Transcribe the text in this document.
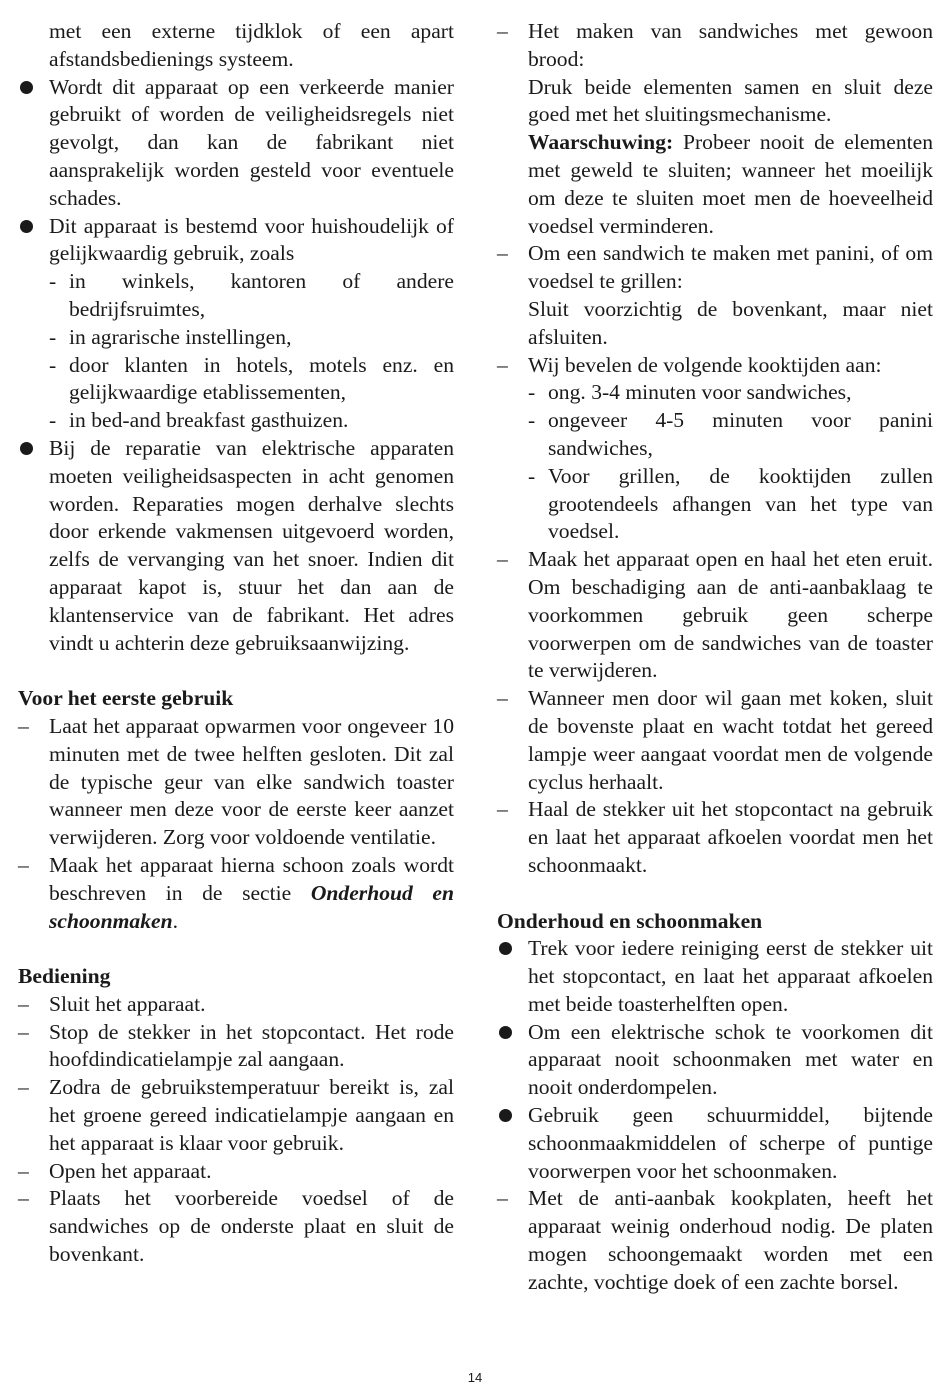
met een externe tijdklok of een apart afstandsbedienings systeem.

Wordt dit apparaat op een verkeerde manier gebruikt of worden de veiligheidsregels niet gevolgt, dan kan de fabrikant niet aansprakelijk worden gesteld voor eventuele schades.
Dit apparaat is bestemd voor huishoudelijk of gelijkwaardig gebruik, zoals
- in winkels, kantoren of andere bedrijfsruimtes,
- in agrarische instellingen,
- door klanten in hotels, motels enz. en gelijkwaardige etablissementen,
- in bed-and breakfast gasthuizen.
Bij de reparatie van elektrische apparaten moeten veiligheidsaspecten in acht genomen worden. Reparaties mogen derhalve slechts door erkende vakmensen uitgevoerd worden, zelfs de vervanging van het snoer. Indien dit apparaat kapot is, stuur het dan aan de klantenservice van de fabrikant. Het adres vindt u achterin deze gebruiksaanwijzing.

Voor het eerste gebruik

– Laat het apparaat opwarmen voor ongeveer 10 minuten met de twee helften gesloten. Dit zal de typische geur van elke sandwich toaster wanneer men deze voor de eerste keer aanzet verwijderen. Zorg voor voldoende ventilatie.
– Maak het apparaat hierna schoon zoals wordt beschreven in de sectie Onderhoud en schoonmaken.

Bediening

– Sluit het apparaat.
– Stop de stekker in het stopcontact. Het rode hoofdindicatielampje zal aangaan.
– Zodra de gebruikstemperatuur bereikt is, zal het groene gereed indicatielampje aangaan en het apparaat is klaar voor gebruik.
– Open het apparaat.
– Plaats het voorbereide voedsel of de sandwiches op de onderste plaat en sluit de bovenkant.
– Het maken van sandwiches met gewoon brood:

Druk beide elementen samen en sluit deze goed met het sluitingsmechanisme.

Waarschuwing: Probeer nooit de elementen met geweld te sluiten; wanneer het moeilijk om deze te sluiten moet men de hoeveelheid voedsel verminderen.

– Om een sandwich te maken met panini, of om voedsel te grillen:

Sluit voorzichtig de bovenkant, maar niet afsluiten.

– Wij bevelen de volgende kooktijden aan:
- ong. 3-4 minuten voor sandwiches,
- ongeveer 4-5 minuten voor panini sandwiches,
- Voor grillen, de kooktijden zullen grootendeels afhangen van het type van voedsel.
– Maak het apparaat open en haal het eten eruit. Om beschadiging aan de anti-aanbaklaag te voorkommen gebruik geen scherpe voorwerpen om de sandwiches van de toaster te verwijderen.
– Wanneer men door wil gaan met koken, sluit de bovenste plaat en wacht totdat het gereed lampje weer aangaat voordat men de volgende cyclus herhaalt.
– Haal de stekker uit het stopcontact na gebruik en laat het apparaat afkoelen voordat men het schoonmaakt.

Onderhoud en schoonmaken

Trek voor iedere reiniging eerst de stekker uit het stopcontact, en laat het apparaat afkoelen met beide toasterhelften open.
Om een elektrische schok te voorkomen dit apparaat nooit schoonmaken met water en nooit onderdompelen.
Gebruik geen schuurmiddel, bijtende schoonmaakmiddelen of scherpe of puntige voorwerpen voor het schoonmaken.
– Met de anti-aanbak kookplaten, heeft het apparaat weinig onderhoud nodig. De platen mogen schoongemaakt worden met een zachte, vochtige doek of een zachte borsel.
14
